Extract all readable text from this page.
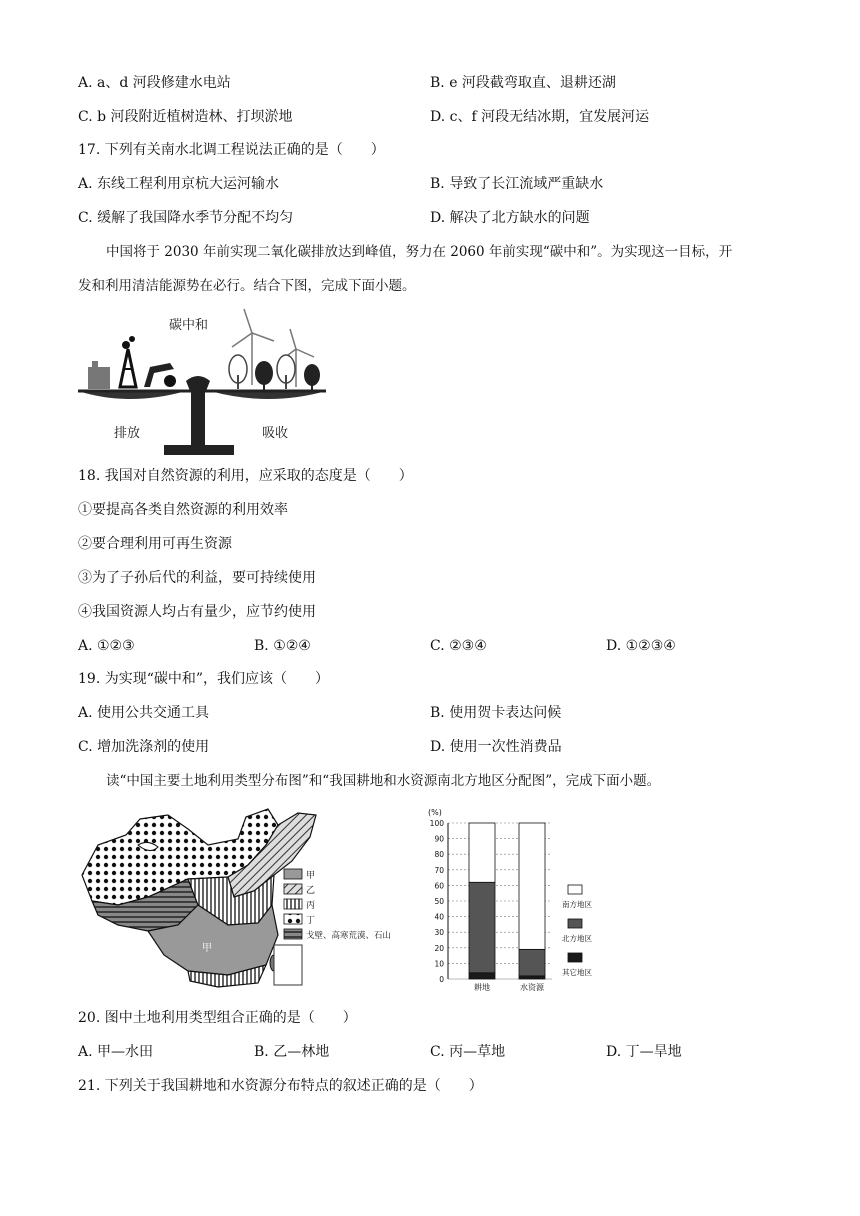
A. a、d 河段修建水电站	B. e 河段截弯取直、退耕还湖
C. b 河段附近植树造林、打坝淤地	D. c、f 河段无结冰期，宜发展河运
17. 下列有关南水北调工程说法正确的是（　　）
A. 东线工程利用京杭大运河输水	B. 导致了长江流域严重缺水
C. 缓解了我国降水季节分配不均匀	D. 解决了北方缺水的问题
中国将于 2030 年前实现二氧化碳排放达到峰值，努力在 2060 年前实现“碳中和”。为实现这一目标，开
发和利用清洁能源势在必行。结合下图，完成下面小题。
碳中和
排放	吸收
18. 我国对自然资源的利用，应采取的态度是（　　）
①要提高各类自然资源的利用效率
②要合理利用可再生资源
③为了子孙后代的利益，要可持续使用
④我国资源人均占有量少，应节约使用
A. ①②③	B. ①②④	C. ②③④	D. ①②③④
19. 为实现“碳中和”，我们应该（　　）
A. 使用公共交通工具	B. 使用贺卡表达问候
C. 增加洗涤剂的使用	D. 使用一次性消费品
读“中国主要土地利用类型分布图”和“我国耕地和水资源南北方地区分配图”，完成下面小题。
甲
甲
乙
丙
丁
戈壁、高寒荒漠、石山
(%)
0
10
20
30
40
50
60
70
80
90
100
耕地	水资源
南方地区
北方地区
其它地区
20. 图中土地利用类型组合正确的是（　　）
A. 甲—水田	B. 乙—林地	C. 丙—草地	D. 丁—旱地
21. 下列关于我国耕地和水资源分布特点的叙述正确的是（　　）
